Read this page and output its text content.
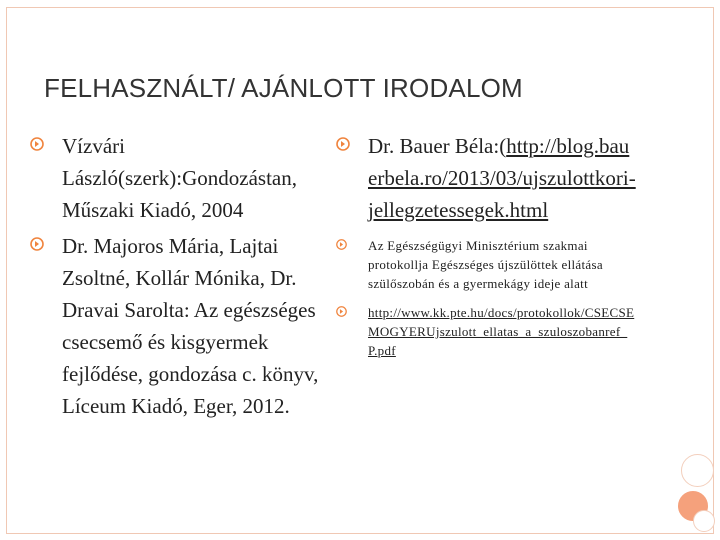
FELHASZNÁLT/ AJÁNLOTT IRODALOM
Vízvári László(szerk):Gondozástan, Műszaki Kiadó, 2004
Dr. Majoros Mária, Lajtai Zsoltné, Kollár Mónika, Dr. Dravai Sarolta: Az egészséges csecsemő és kisgyermek fejlődése, gondozása c. könyv, Líceum Kiadó, Eger, 2012.
Dr. Bauer Béla:(http://blog.bauerbela.ro/2013/03/ujszulottkori-jellegzetessegek.html
Az Egészségügyi Minisztérium szakmai protokollja Egészséges újszülöttek ellátása szülőszobán és a gyermekágy ideje alatt
http://www.kk.pte.hu/docs/protokollok/CSECSEMOGYERUjszulott_ellatas_a_szuloszobanref_P.pdf
